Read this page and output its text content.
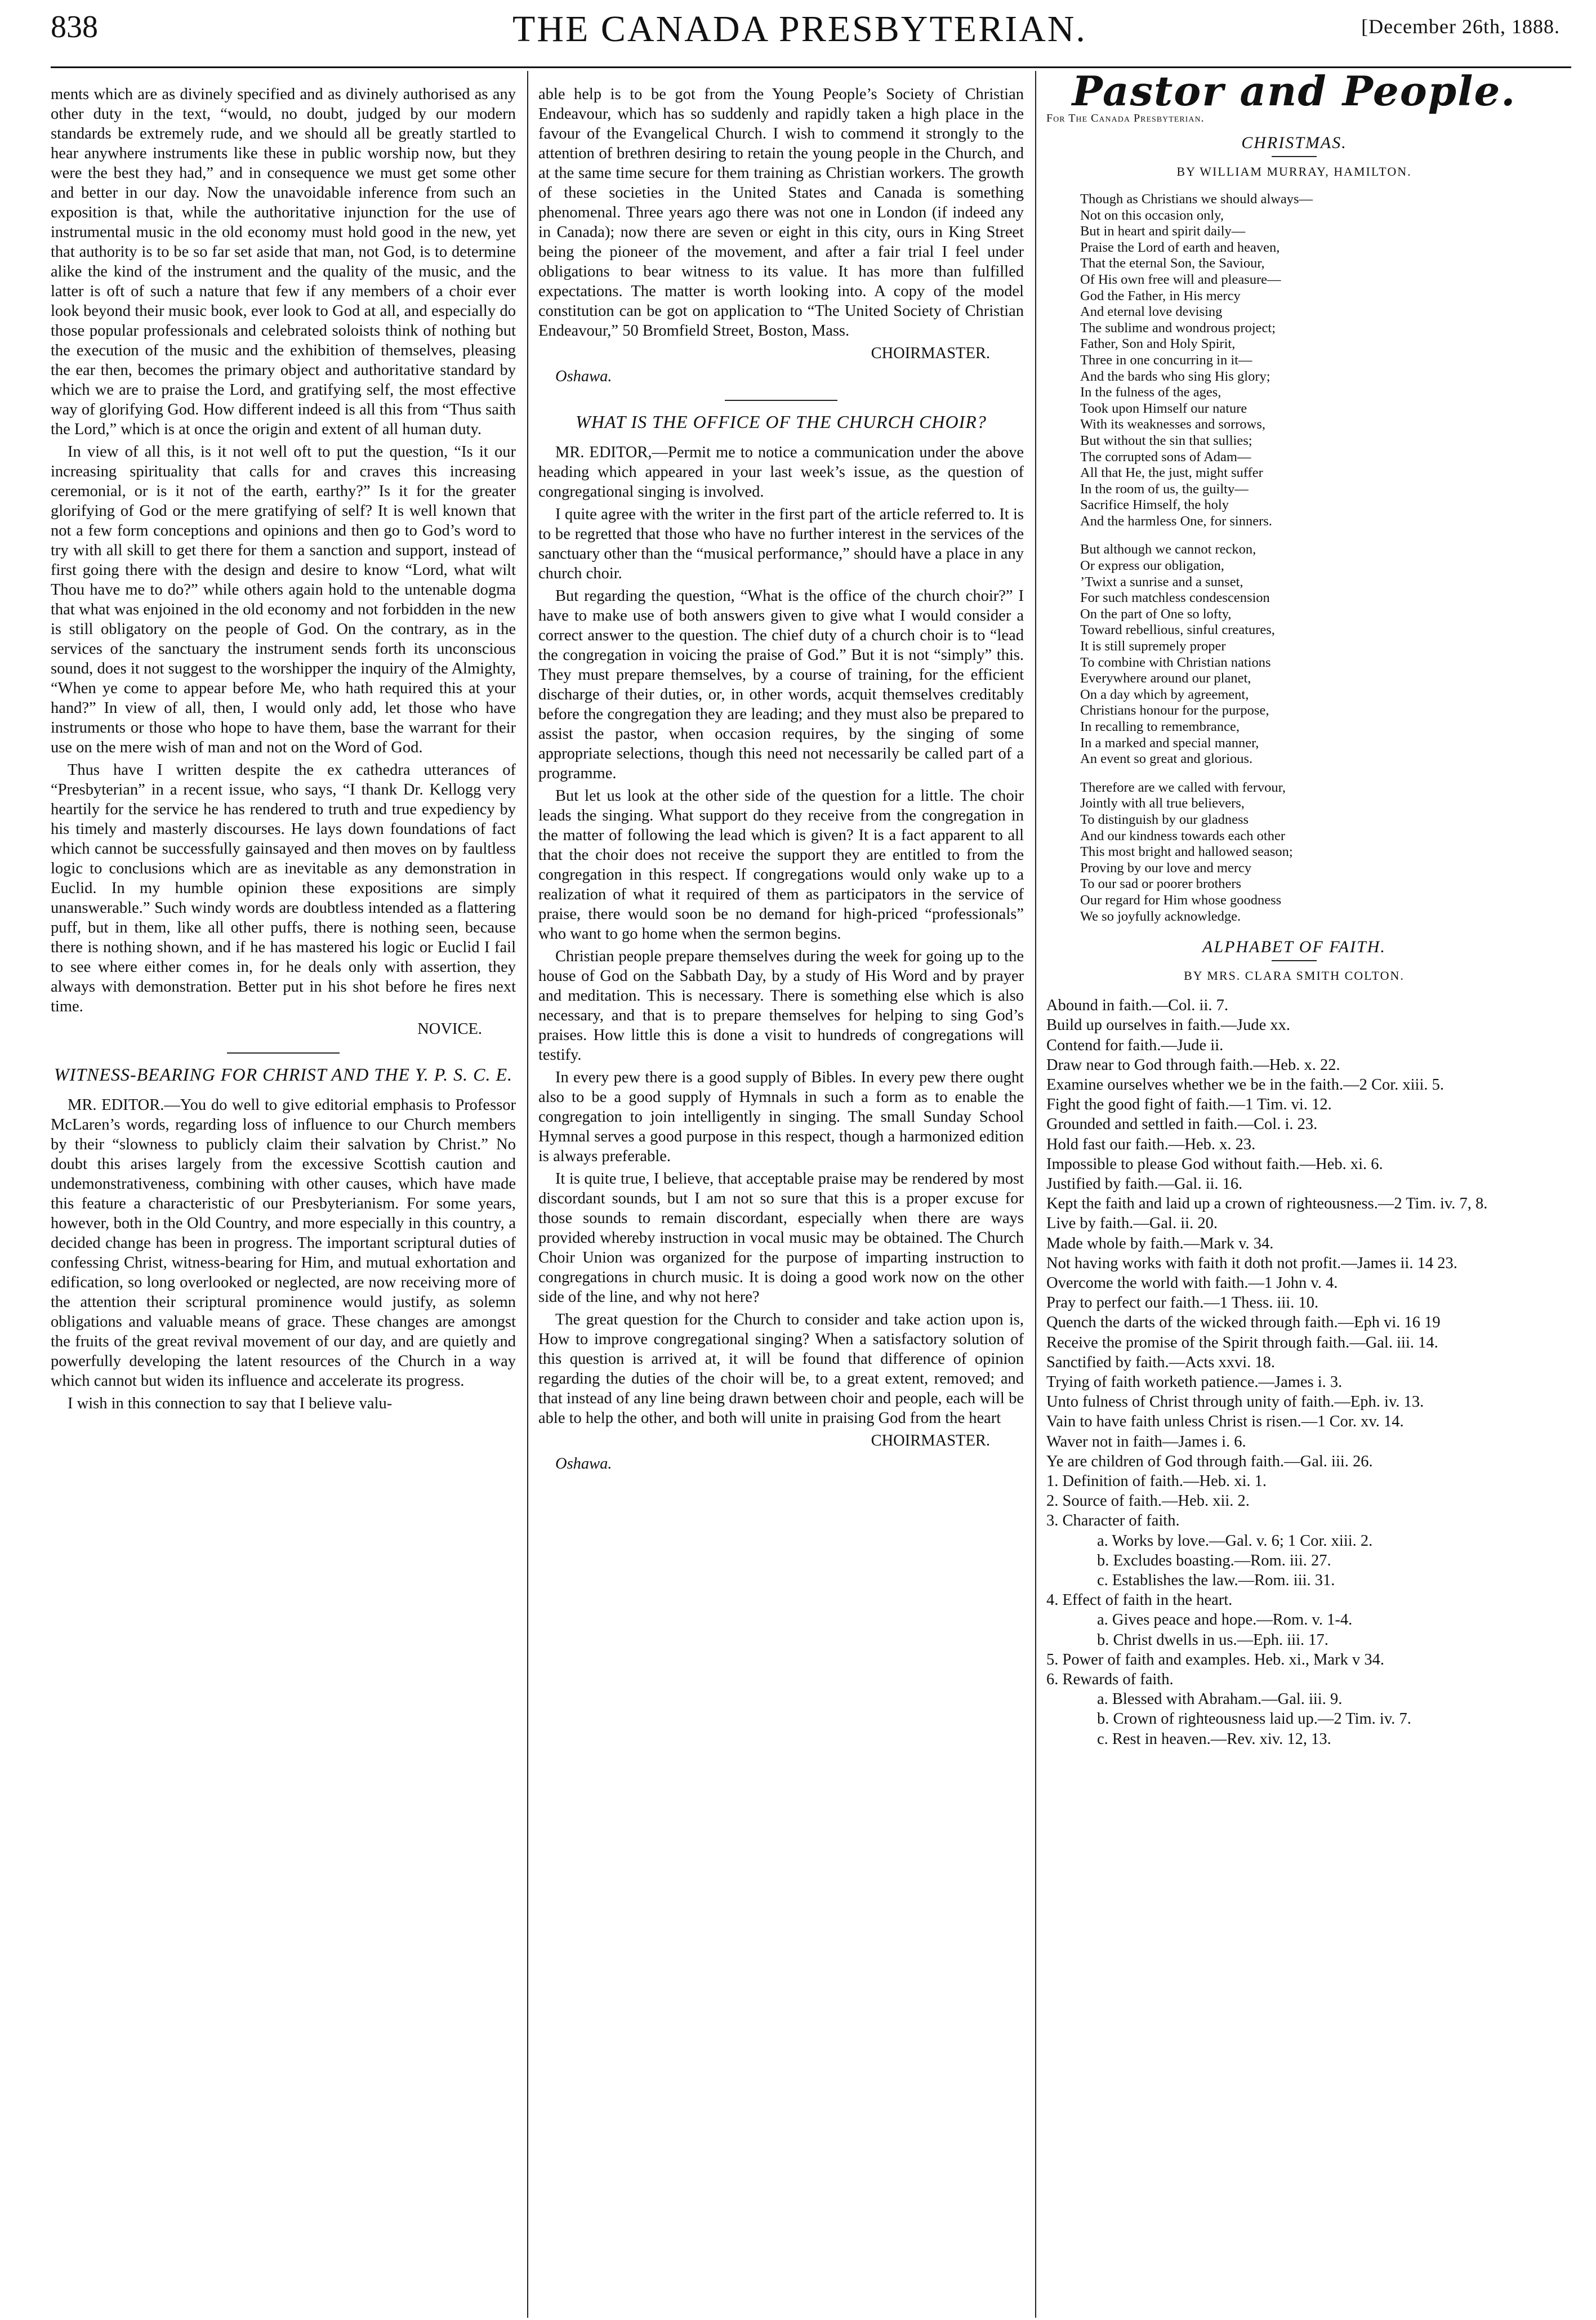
838	THE CANADA PRESBYTERIAN.	[December 26th, 1888.

ments which are as divinely specified and as divinely authorised as any other duty in the text, “would, no doubt, judged by our modern standards be extremely rude, and we should all be greatly startled to hear anywhere instruments like these in public worship now, but they were the best they had,” and in consequence we must get some other and better in our day. Now the unavoidable inference from such an exposition is that, while the authoritative injunction for the use of instrumental music in the old economy must hold good in the new, yet that authority is to be so far set aside that man, not God, is to determine alike the kind of the instrument and the quality of the music, and the latter is oft of such a nature that few if any members of a choir ever look beyond their music book, ever look to God at all, and especially do those popular professionals and celebrated soloists think of nothing but the execution of the music and the exhibition of themselves, pleasing the ear then, becomes the primary object and authoritative standard by which we are to praise the Lord, and gratifying self, the most effective way of glorifying God. How different indeed is all this from “Thus saith the Lord,” which is at once the origin and extent of all human duty.

In view of all this, is it not well oft to put the question, “Is it our increasing spirituality that calls for and craves this increasing ceremonial, or is it not of the earth, earthy?” Is it for the greater glorifying of God or the mere gratifying of self? It is well known that not a few form conceptions and opinions and then go to God’s word to try with all skill to get there for them a sanction and support, instead of first going there with the design and desire to know “Lord, what wilt Thou have me to do?” while others again hold to the untenable dogma that what was enjoined in the old economy and not forbidden in the new is still obligatory on the people of God. On the contrary, as in the services of the sanctuary the instrument sends forth its unconscious sound, does it not suggest to the worshipper the inquiry of the Almighty, “When ye come to appear before Me, who hath required this at your hand?” In view of all, then, I would only add, let those who have instruments or those who hope to have them, base the warrant for their use on the mere wish of man and not on the Word of God.

Thus have I written despite the ex cathedra utterances of “Presbyterian” in a recent issue, who says, “I thank Dr. Kellogg very heartily for the service he has rendered to truth and true expediency by his timely and masterly discourses. He lays down foundations of fact which cannot be successfully gainsayed and then moves on by faultless logic to conclusions which are as inevitable as any demonstration in Euclid. In my humble opinion these expositions are simply unanswerable.” Such windy words are doubtless intended as a flattering puff, but in them, like all other puffs, there is nothing seen, because there is nothing shown, and if he has mastered his logic or Euclid I fail to see where either comes in, for he deals only with assertion, they always with demonstration. Better put in his shot before he fires next time.

NOVICE.
WITNESS-BEARING FOR CHRIST AND THE Y. P. S. C. E.

MR. EDITOR.—You do well to give editorial emphasis to Professor McLaren’s words, regarding loss of influence to our Church members by their “slowness to publicly claim their salvation by Christ.” No doubt this arises largely from the excessive Scottish caution and undemonstrativeness, combining with other causes, which have made this feature a characteristic of our Presbyterianism. For some years, however, both in the Old Country, and more especially in this country, a decided change has been in progress. The important scriptural duties of confessing Christ, witness-bearing for Him, and mutual exhortation and edification, so long overlooked or neglected, are now receiving more of the attention their scriptural prominence would justify, as solemn obligations and valuable means of grace. These changes are amongst the fruits of the great revival movement of our day, and are quietly and powerfully developing the latent resources of the Church in a way which cannot but widen its influence and accelerate its progress.

I wish in this connection to say that I believe valu-

able help is to be got from the Young People’s Society of Christian Endeavour, which has so suddenly and rapidly taken a high place in the favour of the Evangelical Church. I wish to commend it strongly to the attention of brethren desiring to retain the young people in the Church, and at the same time secure for them training as Christian workers. The growth of these societies in the United States and Canada is something phenomenal. Three years ago there was not one in London (if indeed any in Canada); now there are seven or eight in this city, ours in King Street being the pioneer of the movement, and after a fair trial I feel under obligations to bear witness to its value. It has more than fulfilled expectations. The matter is worth looking into. A copy of the model constitution can be got on application to “The United Society of Christian Endeavour,” 50 Bromfield Street, Boston, Mass.

CHOIRMASTER.
Oshawa.
WHAT IS THE OFFICE OF THE CHURCH CHOIR?

MR. EDITOR,—Permit me to notice a communication under the above heading which appeared in your last week’s issue, as the question of congregational singing is involved.

I quite agree with the writer in the first part of the article referred to. It is to be regretted that those who have no further interest in the services of the sanctuary other than the “musical performance,” should have a place in any church choir.

But regarding the question, “What is the office of the church choir?” I have to make use of both answers given to give what I would consider a correct answer to the question. The chief duty of a church choir is to “lead the congregation in voicing the praise of God.” But it is not “simply” this. They must prepare themselves, by a course of training, for the efficient discharge of their duties, or, in other words, acquit themselves creditably before the congregation they are leading; and they must also be prepared to assist the pastor, when occasion requires, by the singing of some appropriate selections, though this need not necessarily be called part of a programme.

But let us look at the other side of the question for a little. The choir leads the singing. What support do they receive from the congregation in the matter of following the lead which is given? It is a fact apparent to all that the choir does not receive the support they are entitled to from the congregation in this respect. If congregations would only wake up to a realization of what it required of them as participators in the service of praise, there would soon be no demand for high-priced “professionals” who want to go home when the sermon begins.

Christian people prepare themselves during the week for going up to the house of God on the Sabbath Day, by a study of His Word and by prayer and meditation. This is necessary. There is something else which is also necessary, and that is to prepare themselves for helping to sing God’s praises. How little this is done a visit to hundreds of congregations will testify.

In every pew there is a good supply of Bibles. In every pew there ought also to be a good supply of Hymnals in such a form as to enable the congregation to join intelligently in singing. The small Sunday School Hymnal serves a good purpose in this respect, though a harmonized edition is always preferable.

It is quite true, I believe, that acceptable praise may be rendered by most discordant sounds, but I am not so sure that this is a proper excuse for those sounds to remain discordant, especially when there are ways provided whereby instruction in vocal music may be obtained. The Church Choir Union was organized for the purpose of imparting instruction to congregations in church music. It is doing a good work now on the other side of the line, and why not here?

The great question for the Church to consider and take action upon is, How to improve congregational singing? When a satisfactory solution of this question is arrived at, it will be found that difference of opinion regarding the duties of the choir will be, to a great extent, removed; and that instead of any line being drawn between choir and people, each will be able to help the other, and both will unite in praising God from the heart

CHOIRMASTER.
Oshawa.
Pastor and People.
For The Canada Presbyterian.
CHRISTMAS.
BY WILLIAM MURRAY, HAMILTON.
Though as Christians we should always—
Not on this occasion only,
But in heart and spirit daily—
Praise the Lord of earth and heaven,
That the eternal Son, the Saviour,
Of His own free will and pleasure—
God the Father, in His mercy
And eternal love devising
The sublime and wondrous project;
Father, Son and Holy Spirit,
Three in one concurring in it—
And the bards who sing His glory;
In the fulness of the ages,
Took upon Himself our nature
With its weaknesses and sorrows,
But without the sin that sullies;
The corrupted sons of Adam—
All that He, the just, might suffer
In the room of us, the guilty—
Sacrifice Himself, the holy
And the harmless One, for sinners.
But although we cannot reckon,
Or express our obligation,
’Twixt a sunrise and a sunset,
For such matchless condescension
On the part of One so lofty,
Toward rebellious, sinful creatures,
It is still supremely proper
To combine with Christian nations
Everywhere around our planet,
On a day which by agreement,
Christians honour for the purpose,
In recalling to remembrance,
In a marked and special manner,
An event so great and glorious.
Therefore are we called with fervour,
Jointly with all true believers,
To distinguish by our gladness
And our kindness towards each other
This most bright and hallowed season;
Proving by our love and mercy
To our sad or poorer brothers
Our regard for Him whose goodness
We so joyfully acknowledge.
ALPHABET OF FAITH.
BY MRS. CLARA SMITH COLTON.
Abound in faith.—Col. ii. 7.
Build up ourselves in faith.—Jude xx.
Contend for faith.—Jude ii.
Draw near to God through faith.—Heb. x. 22.
Examine ourselves whether we be in the faith.—2 Cor. xiii. 5.
Fight the good fight of faith.—1 Tim. vi. 12.
Grounded and settled in faith.—Col. i. 23.
Hold fast our faith.—Heb. x. 23.
Impossible to please God without faith.—Heb. xi. 6.
Justified by faith.—Gal. ii. 16.
Kept the faith and laid up a crown of righteousness.—2 Tim. iv. 7, 8.
Live by faith.—Gal. ii. 20.
Made whole by faith.—Mark v. 34.
Not having works with faith it doth not profit.—James ii. 14 23.
Overcome the world with faith.—1 John v. 4.
Pray to perfect our faith.—1 Thess. iii. 10.
Quench the darts of the wicked through faith.—Eph vi. 16 19
Receive the promise of the Spirit through faith.—Gal. iii. 14.
Sanctified by faith.—Acts xxvi. 18.
Trying of faith worketh patience.—James i. 3.
Unto fulness of Christ through unity of faith.—Eph. iv. 13.
Vain to have faith unless Christ is risen.—1 Cor. xv. 14.
Waver not in faith—James i. 6.
Ye are children of God through faith.—Gal. iii. 26.
1. Definition of faith.—Heb. xi. 1.
2. Source of faith.—Heb. xii. 2.
3. Character of faith.
a. Works by love.—Gal. v. 6; 1 Cor. xiii. 2.
b. Excludes boasting.—Rom. iii. 27.
c. Establishes the law.—Rom. iii. 31.
4. Effect of faith in the heart.
a. Gives peace and hope.—Rom. v. 1-4.
b. Christ dwells in us.—Eph. iii. 17.
5. Power of faith and examples. Heb. xi., Mark v 34.
6. Rewards of faith.
a. Blessed with Abraham.—Gal. iii. 9.
b. Crown of righteousness laid up.—2 Tim. iv. 7.
c. Rest in heaven.—Rev. xiv. 12, 13.
